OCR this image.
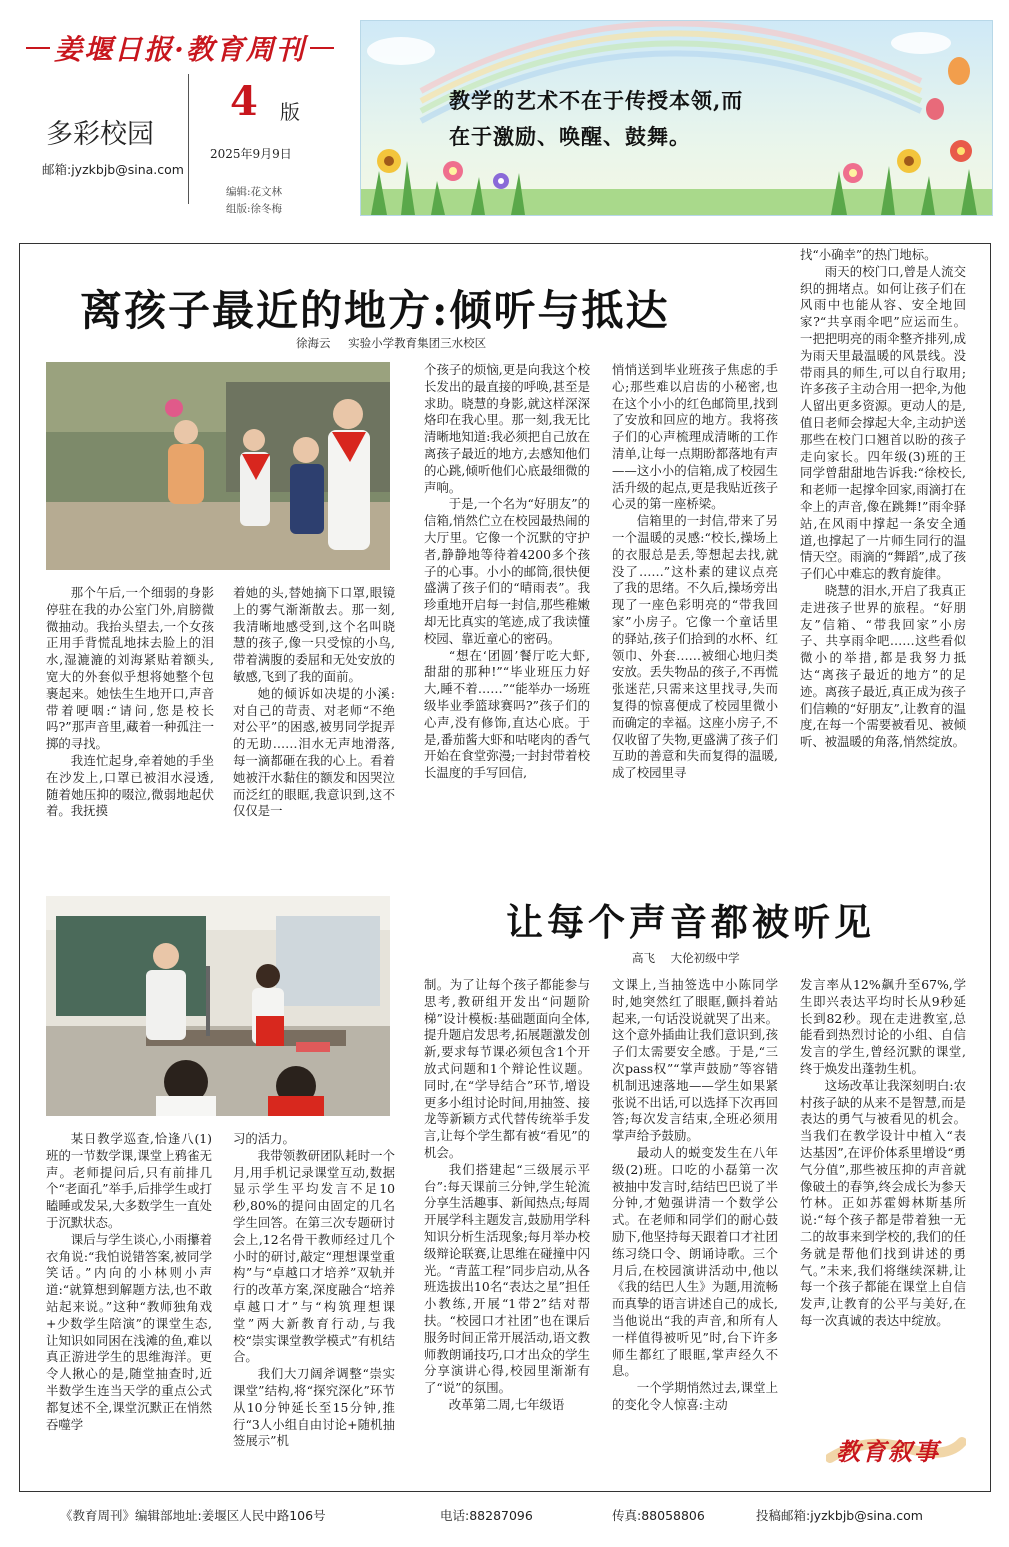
姜堰日报·教育周刊
多彩校园
邮箱:jyzkbjb@sina.com
4 版
2025年9月9日
编辑:花文林
组版:徐冬梅
教学的艺术不在于传授本领,而
在于激励、唤醒、鼓舞。
离孩子最近的地方:倾听与抵达
徐海云 实验小学教育集团三水校区

那个午后,一个细弱的身影停驻在我的办公室门外,肩膀微微抽动。我抬头望去,一个女孩正用手背慌乱地抹去脸上的泪水,湿漉漉的刘海紧贴着额头,宽大的外套似乎想将她整个包裹起来。她怯生生地开口,声音带着哽咽:“请问,您是校长吗?”那声音里,藏着一种孤注一掷的寻找。

我连忙起身,牵着她的手坐在沙发上,口罩已被泪水浸透,随着她压抑的啜泣,微弱地起伏着。我抚摸

着她的头,替她摘下口罩,眼镜上的雾气渐渐散去。那一刻,我清晰地感受到,这个名叫晓慧的孩子,像一只受惊的小鸟,带着满腹的委屈和无处安放的敏感,飞到了我的面前。

她的倾诉如决堤的小溪:对自己的苛责、对老师“不绝对公平”的困惑,被男同学捉弄的无助……泪水无声地滑落,每一滴都砸在我的心上。看着她被汗水黏住的额发和因哭泣而泛红的眼眶,我意识到,这不仅仅是一

个孩子的烦恼,更是向我这个校长发出的最直接的呼唤,甚至是求助。晓慧的身影,就这样深深烙印在我心里。那一刻,我无比清晰地知道:我必须把自己放在离孩子最近的地方,去感知他们的心跳,倾听他们心底最细微的声响。

于是,一个名为“好朋友”的信箱,悄然伫立在校园最热闹的大厅里。它像一个沉默的守护者,静静地等待着4200多个孩子的心事。小小的邮筒,很快便盛满了孩子们的“晴雨表”。我珍重地开启每一封信,那些稚嫩却无比真实的笔迹,成了我读懂校园、靠近童心的密码。

“想在‘团圆’餐厅吃大虾,甜甜的那种!”“毕业班压力好大,睡不着……”“能举办一场班级毕业季篮球赛吗?”孩子们的心声,没有修饰,直达心底。于是,番茄酱大虾和咕咾肉的香气开始在食堂弥漫;一封封带着校长温度的手写回信,

悄悄送到毕业班孩子焦虑的手心;那些难以启齿的小秘密,也在这个小小的红色邮筒里,找到了安放和回应的地方。我将孩子们的心声梳理成清晰的工作清单,让每一点期盼都落地有声——这小小的信箱,成了校园生活升级的起点,更是我贴近孩子心灵的第一座桥梁。

信箱里的一封信,带来了另一个温暖的灵感:“校长,操场上的衣服总是丢,等想起去找,就没了……”这朴素的建议点亮了我的思绪。不久后,操场旁出现了一座色彩明亮的“带我回家”小房子。它像一个童话里的驿站,孩子们拾到的水杯、红领巾、外套……被细心地归类安放。丢失物品的孩子,不再慌张迷茫,只需来这里找寻,失而复得的惊喜便成了校园里微小而确定的幸福。这座小房子,不仅收留了失物,更盛满了孩子们互助的善意和失而复得的温暖,成了校园里寻

找“小确幸”的热门地标。

雨天的校门口,曾是人流交织的拥堵点。如何让孩子们在风雨中也能从容、安全地回家?“共享雨伞吧”应运而生。一把把明亮的雨伞整齐排列,成为雨天里最温暖的风景线。没带雨具的师生,可以自行取用;许多孩子主动合用一把伞,为他人留出更多资源。更动人的是,值日老师会撑起大伞,主动护送那些在校门口翘首以盼的孩子走向家长。四年级(3)班的王同学曾甜甜地告诉我:“徐校长,和老师一起撑伞回家,雨滴打在伞上的声音,像在跳舞!”雨伞驿站,在风雨中撑起一条安全通道,也撑起了一片师生同行的温情天空。雨滴的“舞蹈”,成了孩子们心中难忘的教育旋律。

晓慧的泪水,开启了我真正走进孩子世界的旅程。“好朋友”信箱、“带我回家”小房子、共享雨伞吧……这些看似微小的举措,都是我努力抵达“离孩子最近的地方”的足迹。离孩子最近,真正成为孩子们信赖的“好朋友”,让教育的温度,在每一个需要被看见、被倾听、被温暖的角落,悄然绽放。

让每个声音都被听见
高飞 大伦初级中学

某日教学巡查,恰逢八(1)班的一节数学课,课堂上鸦雀无声。老师提问后,只有前排几个“老面孔”举手,后排学生或打瞌睡或发呆,大多数学生一直处于沉默状态。

课后与学生谈心,小雨攥着衣角说:“我怕说错答案,被同学笑话。”内向的小林则小声道:“就算想到解题方法,也不敢站起来说。”这种“教师独角戏+少数学生陪演”的课堂生态,让知识如同困在浅滩的鱼,难以真正游进学生的思维海洋。更令人揪心的是,随堂抽查时,近半数学生连当天学的重点公式都复述不全,课堂沉默正在悄然吞噬学

习的活力。

我带领教研团队耗时一个月,用手机记录课堂互动,数据显示学生平均发言不足10秒,80%的提问由固定的几名学生回答。在第三次专题研讨会上,12名骨干教师经过几个小时的研讨,敲定“理想课堂重构”与“卓越口才培养”双轨并行的改革方案,深度融合“培养卓越口才”与“构筑理想课堂”两大新教育行动,与我校“崇实课堂教学模式”有机结合。

我们大刀阔斧调整“崇实课堂”结构,将“探究深化”环节从10分钟延长至15分钟,推行“3人小组自由讨论+随机抽签展示”机

制。为了让每个孩子都能参与思考,教研组开发出“问题阶梯”设计模板:基础题面向全体,提升题启发思考,拓展题激发创新,要求每节课必须包含1个开放式问题和1个辩论性议题。同时,在“学导结合”环节,增设更多小组讨论时间,用抽签、接龙等新颖方式代替传统举手发言,让每个学生都有被“看见”的机会。

我们搭建起“三级展示平台”:每天课前三分钟,学生轮流分享生活趣事、新闻热点;每周开展学科主题发言,鼓励用学科知识分析生活现象;每月举办校级辩论联赛,让思维在碰撞中闪光。“青蓝工程”同步启动,从各班选拔出10名“表达之星”担任小教练,开展“1带2”结对帮扶。“校园口才社团”也在课后服务时间正常开展活动,语文教师教朗诵技巧,口才出众的学生分享演讲心得,校园里渐渐有了“说”的氛围。

改革第二周,七年级语

文课上,当抽签选中小陈同学时,她突然红了眼眶,颤抖着站起来,一句话没说就哭了出来。这个意外插曲让我们意识到,孩子们太需要安全感。于是,“三次pass权”“掌声鼓励”等容错机制迅速落地——学生如果紧张说不出话,可以选择下次再回答;每次发言结束,全班必须用掌声给予鼓励。

最动人的蜕变发生在八年级(2)班。口吃的小磊第一次被抽中发言时,结结巴巴说了半分钟,才勉强讲清一个数学公式。在老师和同学们的耐心鼓励下,他坚持每天跟着口才社团练习绕口令、朗诵诗歌。三个月后,在校园演讲活动中,他以《我的结巴人生》为题,用流畅而真挚的语言讲述自己的成长,当他说出“我的声音,和所有人一样值得被听见”时,台下许多师生都红了眼眶,掌声经久不息。

一个学期悄然过去,课堂上的变化令人惊喜:主动

发言率从12%飙升至67%,学生即兴表达平均时长从9秒延长到82秒。现在走进教室,总能看到热烈讨论的小组、自信发言的学生,曾经沉默的课堂,终于焕发出蓬勃生机。

这场改革让我深刻明白:农村孩子缺的从来不是智慧,而是表达的勇气与被看见的机会。当我们在教学设计中植入“表达基因”,在评价体系里增设“勇气分值”,那些被压抑的声音就像破土的春笋,终会成长为参天竹林。正如苏霍姆林斯基所说:“每个孩子都是带着独一无二的故事来到学校的,我们的任务就是帮他们找到讲述的勇气。”未来,我们将继续深耕,让每一个孩子都能在课堂上自信发声,让教育的公平与美好,在每一次真诚的表达中绽放。

教育叙事
《教育周刊》编辑部地址:姜堰区人民中路106号	电话:88287096	传真:88058806	投稿邮箱:jyzkbjb@sina.com
